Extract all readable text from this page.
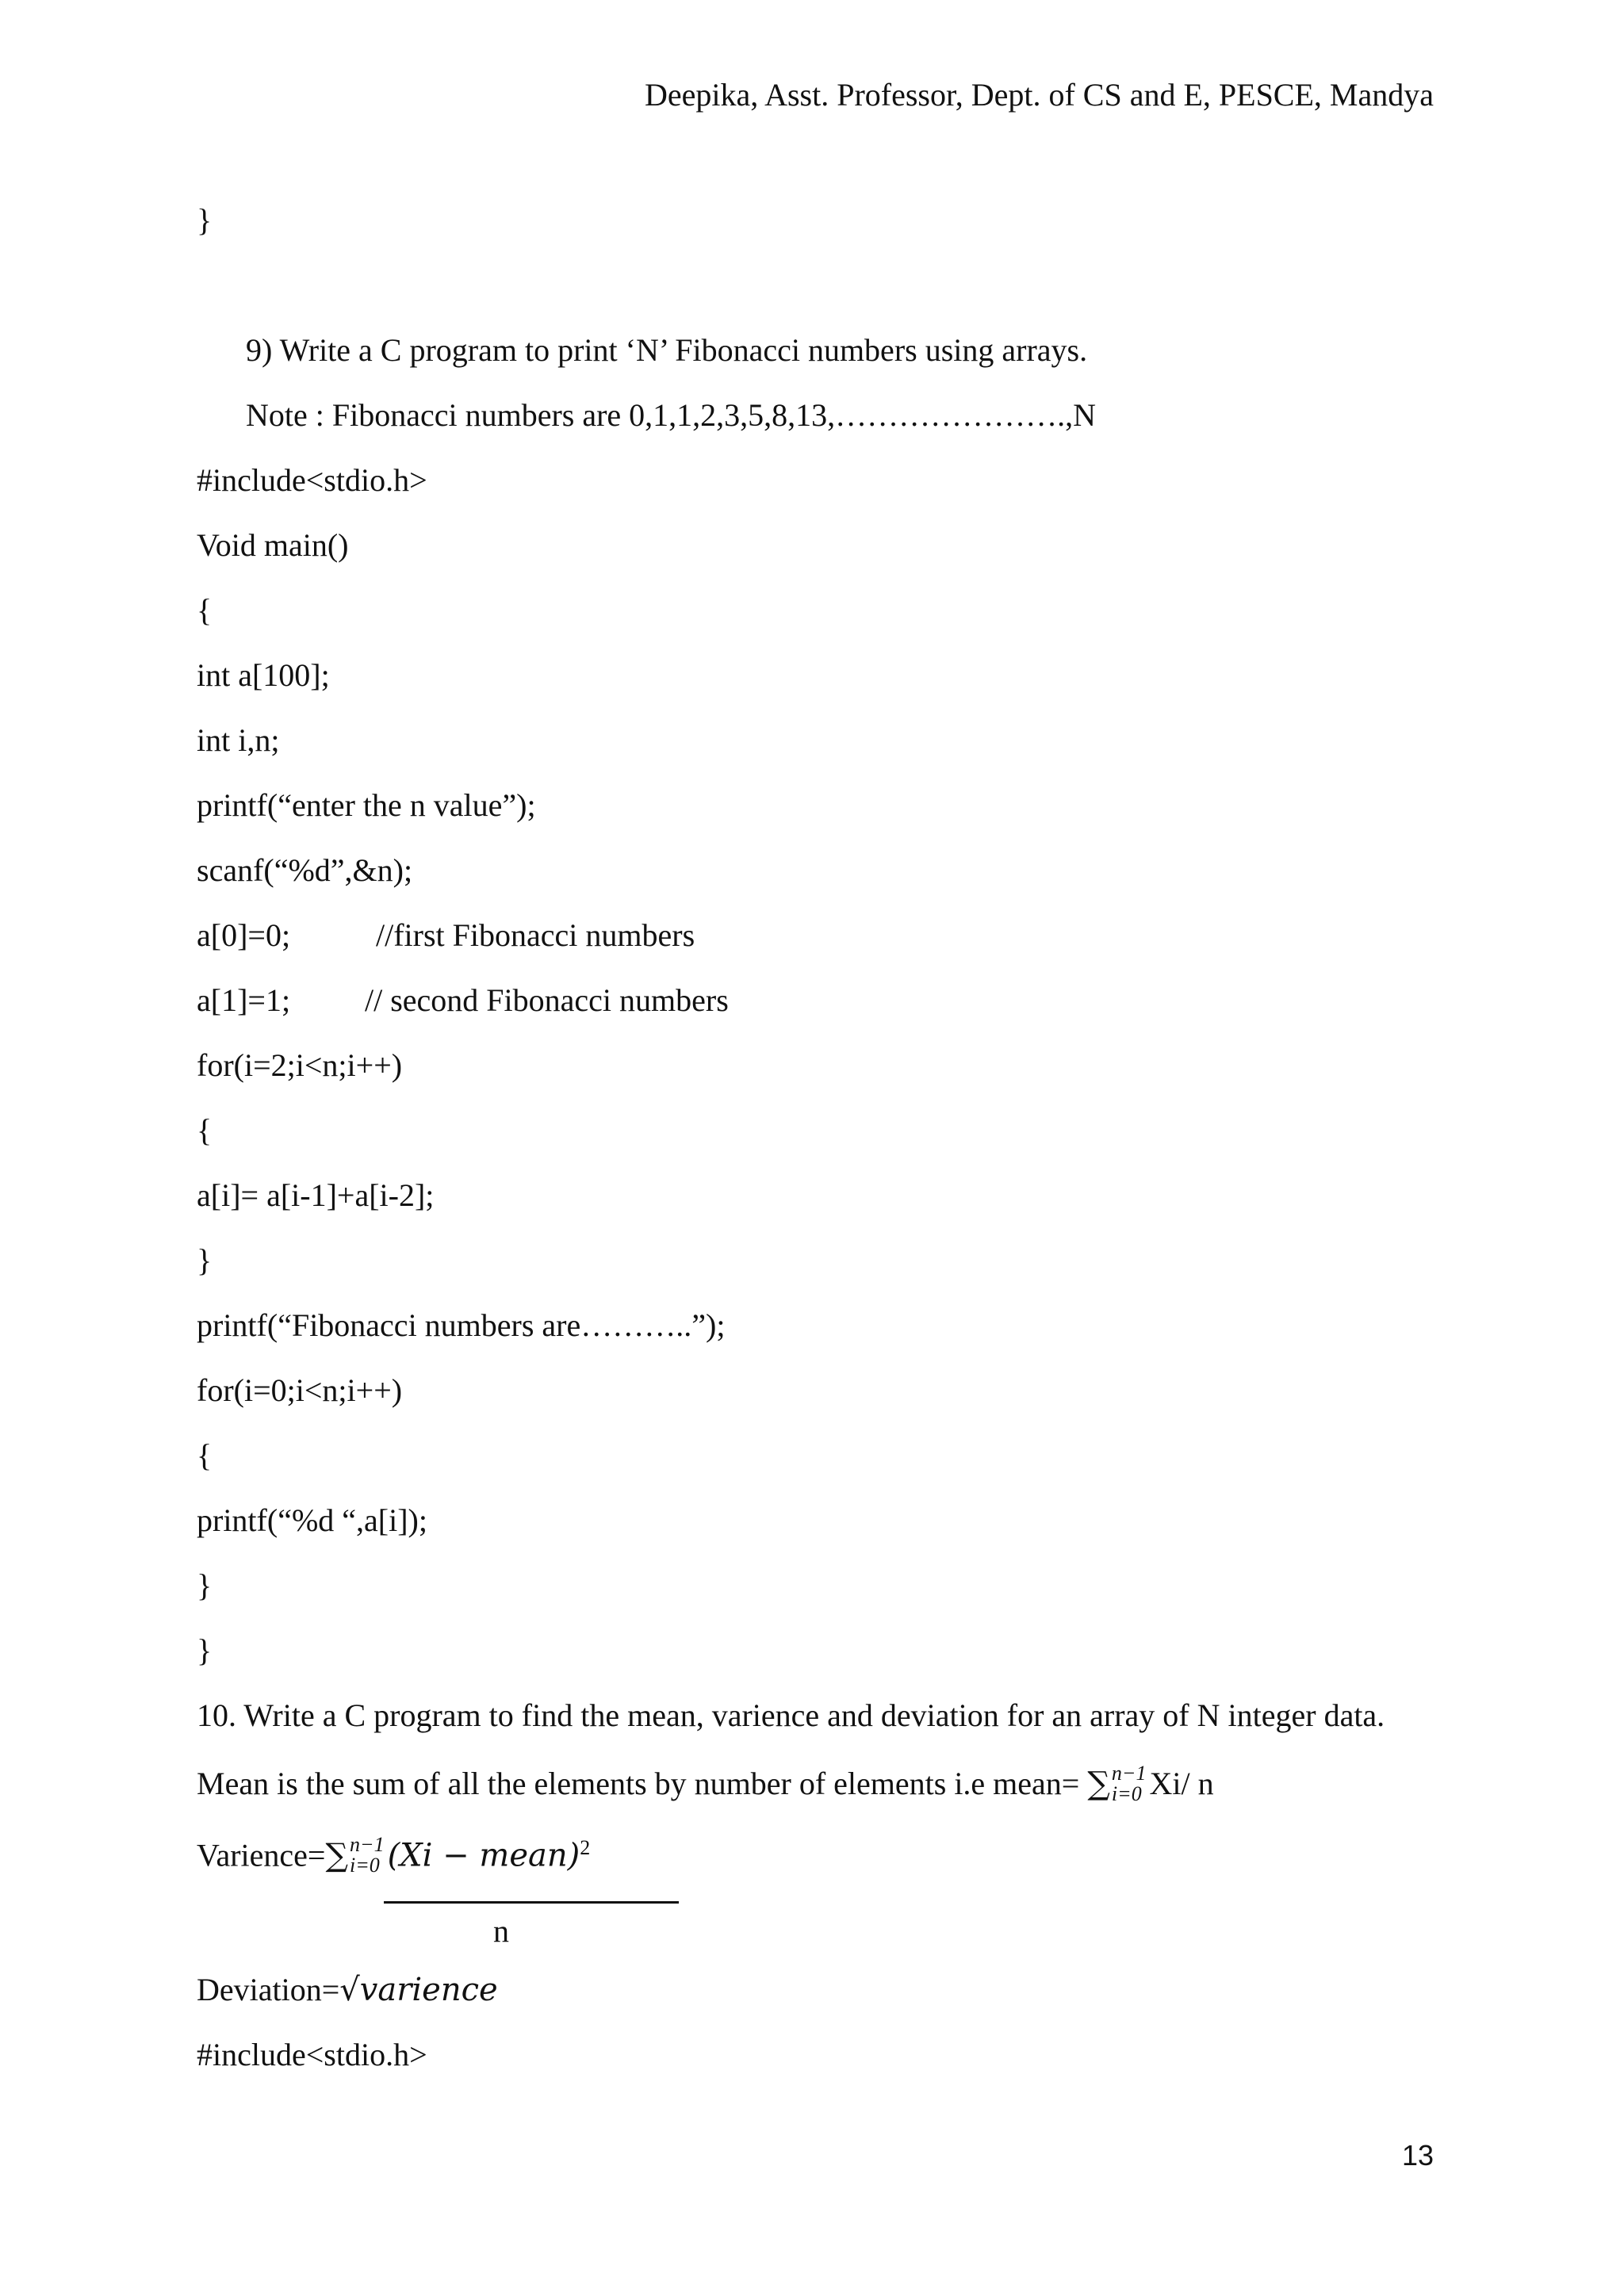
Deepika, Asst. Professor, Dept. of CS and E, PESCE, Mandya
}
9) Write a C program to print ‘N’ Fibonacci numbers using arrays.
Note : Fibonacci numbers are 0,1,1,2,3,5,8,13,………………….,N
#include<stdio.h>
Void main()
{
int a[100];
int i,n;
printf(“enter the n value”);
scanf(“%d”,&n);
a[0]=0;	//first Fibonacci numbers
a[1]=1; // second Fibonacci numbers
for(i=2;i<n;i++)
{
a[i]= a[i-1]+a[i-2];
}
printf(“Fibonacci numbers are………..”);
for(i=0;i<n;i++)
{
printf(“%d “,a[i]);
}
}
10. Write a C program to find the mean, varience and deviation for an array of N integer data.
Mean is the sum of all the elements by number of elements i.e mean= ∑ n−1
i=0 Xi/ n
Varience=∑ n−1
i=0 (Xi − mean)$^2$
n
Deviation=√varience
#include<stdio.h>
13
